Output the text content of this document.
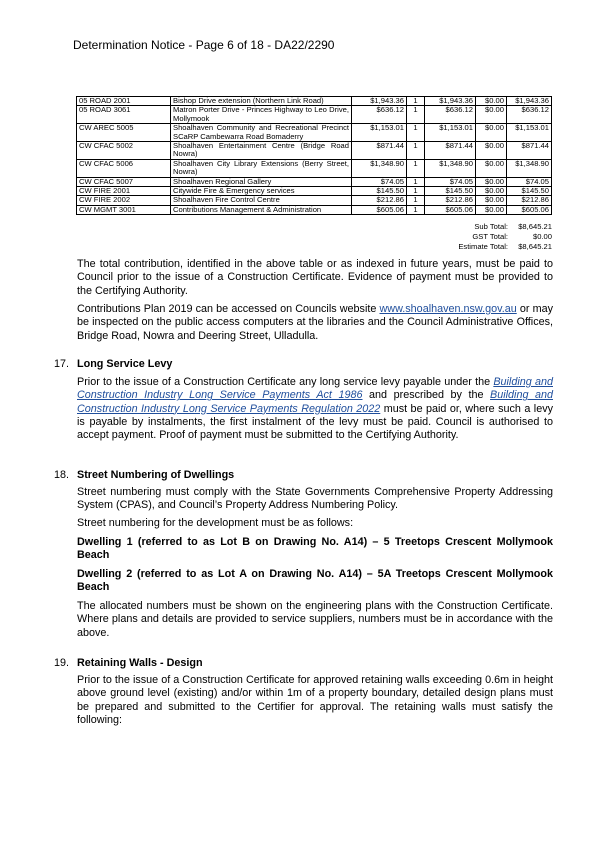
Determination Notice - Page 6 of 18 - DA22/2290
05 ROAD 2001	Bishop Drive extension (Northern Link Road)	$1,943.36	1	$1,943.36	$0.00	$1,943.36
05 ROAD 3061	Matron Porter Drive - Princes Highway to Leo Drive, Mollymook	$636.12	1	$636.12	$0.00	$636.12
CW AREC 5005	Shoalhaven Community and Recreational Precinct SCaRP Cambewarra Road Bomaderry	$1,153.01	1	$1,153.01	$0.00	$1,153.01
CW CFAC 5002	Shoalhaven Entertainment Centre (Bridge Road Nowra)	$871.44	1	$871.44	$0.00	$871.44
CW CFAC 5006	Shoalhaven City Library Extensions (Berry Street, Nowra)	$1,348.90	1	$1,348.90	$0.00	$1,348.90
CW CFAC 5007	Shoalhaven Regional Gallery	$74.05	1	$74.05	$0.00	$74.05
CW FIRE 2001	Citywide Fire & Emergency services	$145.50	1	$145.50	$0.00	$145.50
CW FIRE 2002	Shoalhaven Fire Control Centre	$212.86	1	$212.86	$0.00	$212.86
CW MGMT 3001	Contributions Management & Administration	$605.06	1	$605.06	$0.00	$605.06
Sub Total:	$8,645.21
GST Total:	$0.00
Estimate Total:	$8,645.21
The total contribution, identified in the above table or as indexed in future years, must be paid to Council prior to the issue of a Construction Certificate. Evidence of payment must be provided to the Certifying Authority.
Contributions Plan 2019 can be accessed on Councils website www.shoalhaven.nsw.gov.au or may be inspected on the public access computers at the libraries and the Council Administrative Offices, Bridge Road, Nowra and Deering Street, Ulladulla.
17. Long Service Levy
Prior to the issue of a Construction Certificate any long service levy payable under the Building and Construction Industry Long Service Payments Act 1986 and prescribed by the Building and Construction Industry Long Service Payments Regulation 2022 must be paid or, where such a levy is payable by instalments, the first instalment of the levy must be paid. Council is authorised to accept payment. Proof of payment must be submitted to the Certifying Authority.
18. Street Numbering of Dwellings
Street numbering must comply with the State Governments Comprehensive Property Addressing System (CPAS), and Council’s Property Address Numbering Policy.
Street numbering for the development must be as follows:
Dwelling 1 (referred to as Lot B on Drawing No. A14) – 5 Treetops Crescent Mollymook Beach
Dwelling 2 (referred to as Lot A on Drawing No. A14) – 5A Treetops Crescent Mollymook Beach
The allocated numbers must be shown on the engineering plans with the Construction Certificate. Where plans and details are provided to service suppliers, numbers must be in accordance with the above.
19. Retaining Walls - Design
Prior to the issue of a Construction Certificate for approved retaining walls exceeding 0.6m in height above ground level (existing) and/or within 1m of a property boundary, detailed design plans must be prepared and submitted to the Certifier for approval. The retaining walls must satisfy the following:
